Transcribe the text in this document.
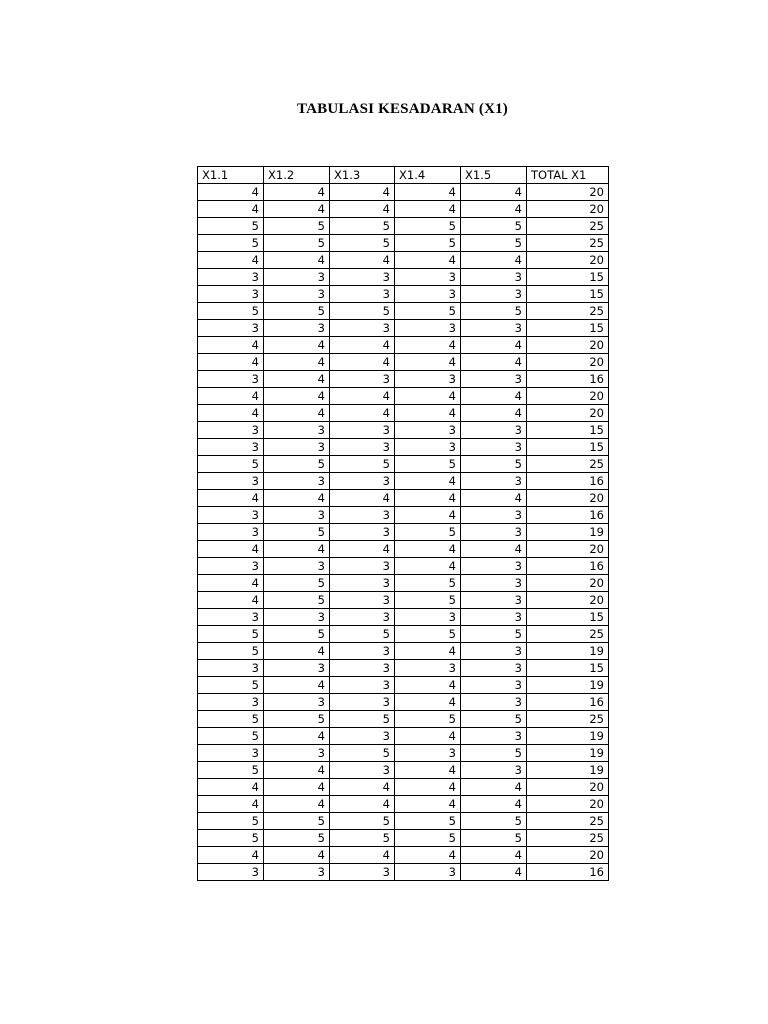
TABULASI KESADARAN (X1)
X1.1	X1.2	X1.3	X1.4	X1.5	TOTAL X1
4	4	4	4	4	20
4	4	4	4	4	20
5	5	5	5	5	25
5	5	5	5	5	25
4	4	4	4	4	20
3	3	3	3	3	15
3	3	3	3	3	15
5	5	5	5	5	25
3	3	3	3	3	15
4	4	4	4	4	20
4	4	4	4	4	20
3	4	3	3	3	16
4	4	4	4	4	20
4	4	4	4	4	20
3	3	3	3	3	15
3	3	3	3	3	15
5	5	5	5	5	25
3	3	3	4	3	16
4	4	4	4	4	20
3	3	3	4	3	16
3	5	3	5	3	19
4	4	4	4	4	20
3	3	3	4	3	16
4	5	3	5	3	20
4	5	3	5	3	20
3	3	3	3	3	15
5	5	5	5	5	25
5	4	3	4	3	19
3	3	3	3	3	15
5	4	3	4	3	19
3	3	3	4	3	16
5	5	5	5	5	25
5	4	3	4	3	19
3	3	5	3	5	19
5	4	3	4	3	19
4	4	4	4	4	20
4	4	4	4	4	20
5	5	5	5	5	25
5	5	5	5	5	25
4	4	4	4	4	20
3	3	3	3	4	16
